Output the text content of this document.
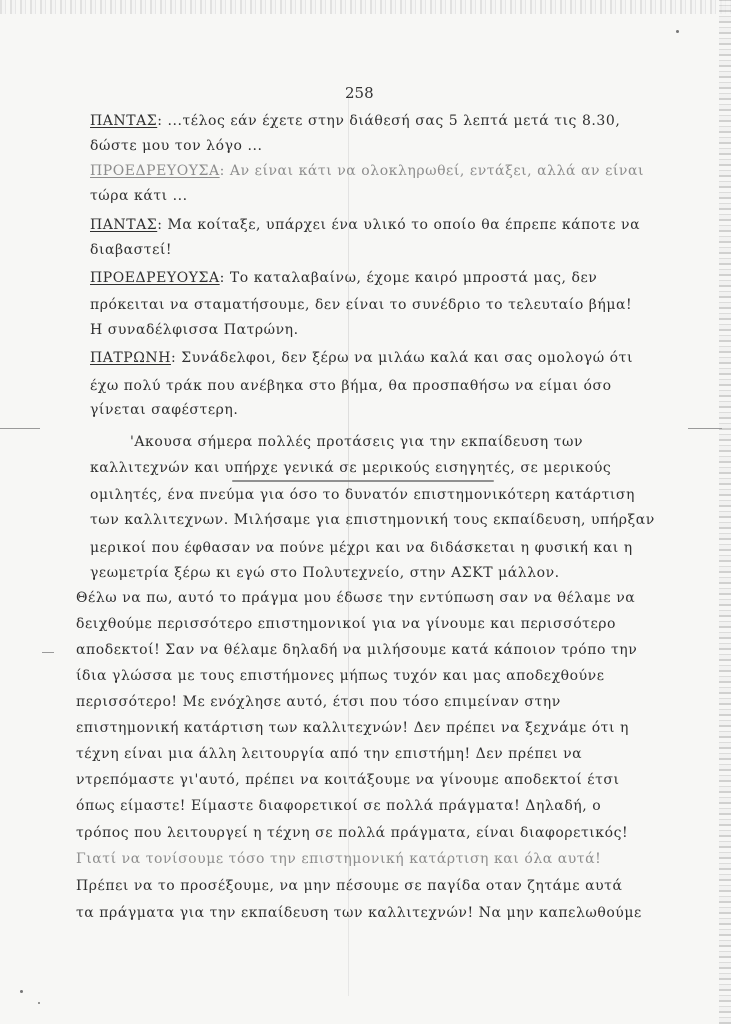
258
ΠΑΝΤΑΣ: ...τέλος εάν έχετε στην διάθεσή σας 5 λεπτά μετά τις 8.30,
δώστε μου τον λόγο ...
ΠΡΟΕΔΡΕΥΟΥΣΑ: Αν είναι κάτι να ολοκληρωθεί, εντάξει, αλλά αν είναι
τώρα κάτι ...
ΠΑΝΤΑΣ: Μα κοίταξε, υπάρχει ένα υλικό το οποίο θα έπρεπε κάποτε να
διαβαστεί!
ΠΡΟΕΔΡΕΥΟΥΣΑ: Το καταλαβαίνω, έχομε καιρό μπροστά μας, δεν
πρόκειται να σταματήσουμε, δεν είναι το συνέδριο το τελευταίο βήμα!
Η συναδέλφισσα Πατρώνη.
ΠΑΤΡΩΝΗ: Συνάδελφοι, δεν ξέρω να μιλάω καλά και σας ομολογώ ότι
έχω πολύ τράκ που ανέβηκα στο βήμα, θα προσπαθήσω να είμαι όσο
γίνεται σαφέστερη.
'Ακουσα σήμερα πολλές προτάσεις για την εκπαίδευση των
καλλιτεχνών και υπήρχε γενικά σε μερικούς εισηγητές, σε μερικούς
ομιλητές, ένα πνεύμα για όσο το δυνατόν επιστημονικότερη κατάρτιση
των καλλιτεχνων. Μιλήσαμε για επιστημονική τους εκπαίδευση, υπήρξαν
μερικοί που έφθασαν να πούνε μέχρι και να διδάσκεται η φυσική και η
γεωμετρία ξέρω κι εγώ στο Πολυτεχνείο, στην ΑΣΚΤ μάλλον.
Θέλω να πω, αυτό το πράγμα μου έδωσε την εντύπωση σαν να θέλαμε να
δειχθούμε περισσότερο επιστημονικοί για να γίνουμε και περισσότερο
αποδεκτοί! Σαν να θέλαμε δηλαδή να μιλήσουμε κατά κάποιον τρόπο την
ίδια γλώσσα με τους επιστήμονες μήπως τυχόν και μας αποδεχθούνε
περισσότερο! Με ενόχλησε αυτό, έτσι που τόσο επιμείναν στην
επιστημονική κατάρτιση των καλλιτεχνών! Δεν πρέπει να ξεχνάμε ότι η
τέχνη είναι μια άλλη λειτουργία από την επιστήμη! Δεν πρέπει να
ντρεπόμαστε γι'αυτό, πρέπει να κοιτάξουμε να γίνουμε αποδεκτοί έτσι
όπως είμαστε! Είμαστε διαφορετικοί σε πολλά πράγματα! Δηλαδή, ο
τρόπος που λειτουργεί η τέχνη σε πολλά πράγματα, είναι διαφορετικός!
Γιατί να τονίσουμε τόσο την επιστημονική κατάρτιση και όλα αυτά!
Πρέπει να το προσέξουμε, να μην πέσουμε σε παγίδα οταν ζητάμε αυτά
τα πράγματα για την εκπαίδευση των καλλιτεχνών! Να μην καπελωθούμε
